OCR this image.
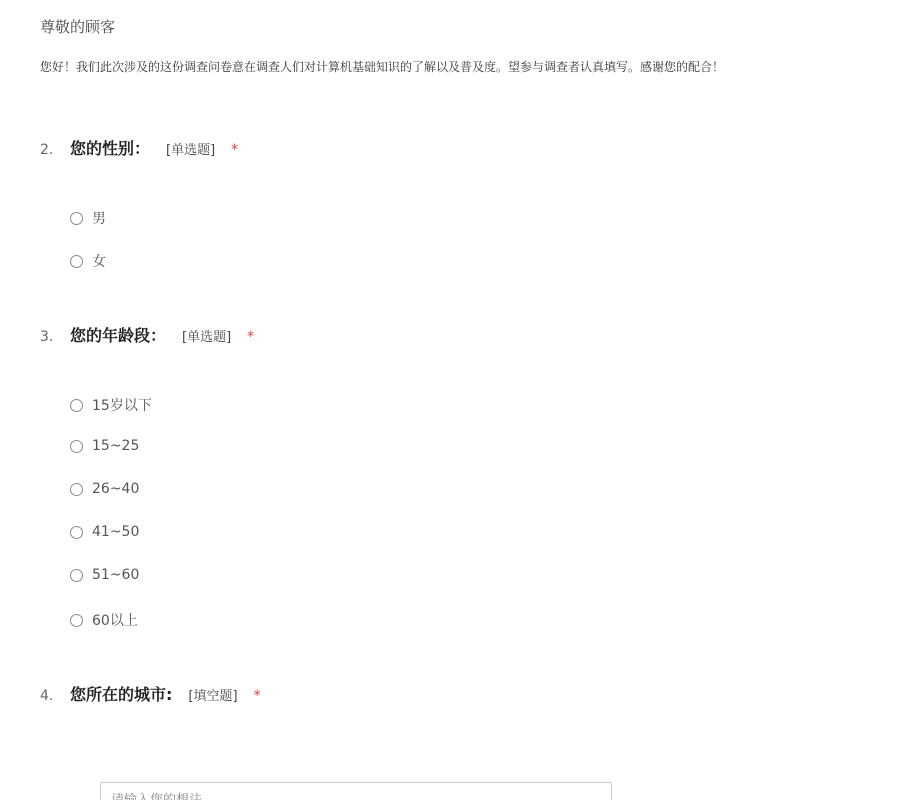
尊敬的顾客
您好！我们此次涉及的这份调查问卷意在调查人们对计算机基础知识的了解以及普及度。望参与调查者认真填写。感谢您的配合！
2.	您的性别： [单选题] *
男
女
3.	您的年龄段： [单选题] *
15岁以下
15~25
26~40
41~50
51~60
60以上
4.	您所在的城市: [填空题] *
请输入您的想法
